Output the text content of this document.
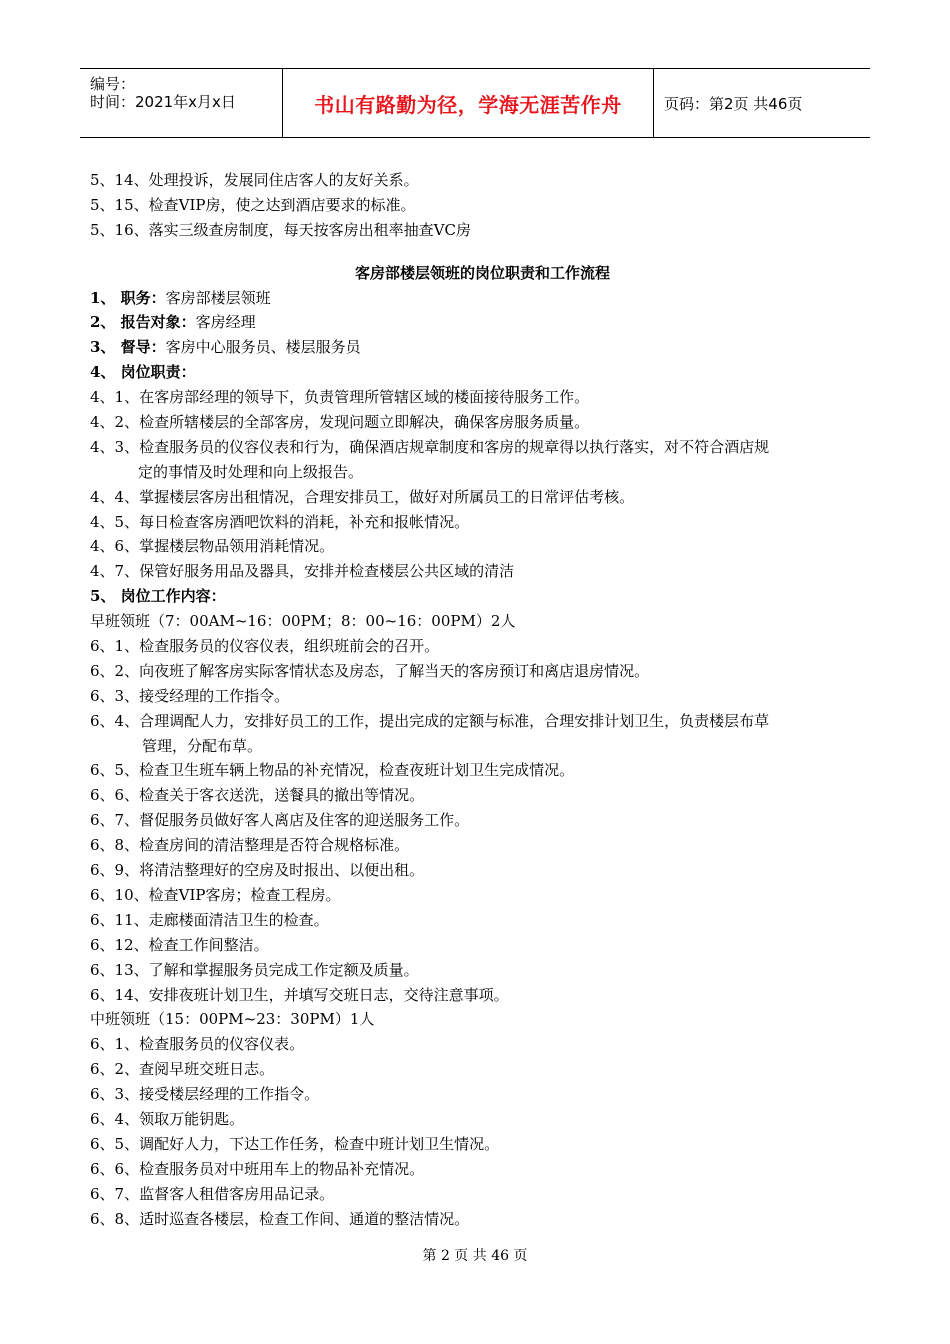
编号：
时间：2021年x月x日	书山有路勤为径，学海无涯苦作舟	页码：第2页 共46页
5、14、处理投诉，发展同住店客人的友好关系。
5、15、检查VIP房，使之达到酒店要求的标准。
5、16、落实三级查房制度，每天按客房出租率抽查VC房
客房部楼层领班的岗位职责和工作流程
1、 职务：客房部楼层领班
2、 报告对象：客房经理
3、 督导：客房中心服务员、楼层服务员
4、 岗位职责：
4、1、在客房部经理的领导下，负责管理所管辖区域的楼面接待服务工作。
4、2、检查所辖楼层的全部客房，发现问题立即解决，确保客房服务质量。
4、3、检查服务员的仪容仪表和行为，确保酒店规章制度和客房的规章得以执行落实，对不符合酒店规
定的事情及时处理和向上级报告。
4、4、掌握楼层客房出租情况，合理安排员工，做好对所属员工的日常评估考核。
4、5、每日检查客房酒吧饮料的消耗，补充和报帐情况。
4、6、掌握楼层物品领用消耗情况。
4、7、保管好服务用品及器具，安排并检查楼层公共区域的清洁
5、 岗位工作内容：
早班领班（7：00AM~16：00PM；8：00~16：00PM）2人
6、1、检查服务员的仪容仪表，组织班前会的召开。
6、2、向夜班了解客房实际客情状态及房态，了解当天的客房预订和离店退房情况。
6、3、接受经理的工作指令。
6、4、合理调配人力，安排好员工的工作，提出完成的定额与标准，合理安排计划卫生，负责楼层布草
管理，分配布草。
6、5、检查卫生班车辆上物品的补充情况，检查夜班计划卫生完成情况。
6、6、检查关于客衣送洗，送餐具的撤出等情况。
6、7、督促服务员做好客人离店及住客的迎送服务工作。
6、8、检查房间的清洁整理是否符合规格标准。
6、9、将清洁整理好的空房及时报出、以便出租。
6、10、检查VIP客房；检查工程房。
6、11、走廊楼面清洁卫生的检查。
6、12、检查工作间整洁。
6、13、了解和掌握服务员完成工作定额及质量。
6、14、安排夜班计划卫生，并填写交班日志，交待注意事项。
中班领班（15：00PM~23：30PM）1人
6、1、检查服务员的仪容仪表。
6、2、查阅早班交班日志。
6、3、接受楼层经理的工作指令。
6、4、领取万能钥匙。
6、5、调配好人力，下达工作任务，检查中班计划卫生情况。
6、6、检查服务员对中班用车上的物品补充情况。
6、7、监督客人租借客房用品记录。
6、8、适时巡查各楼层，检查工作间、通道的整洁情况。
第 2 页 共 46 页
